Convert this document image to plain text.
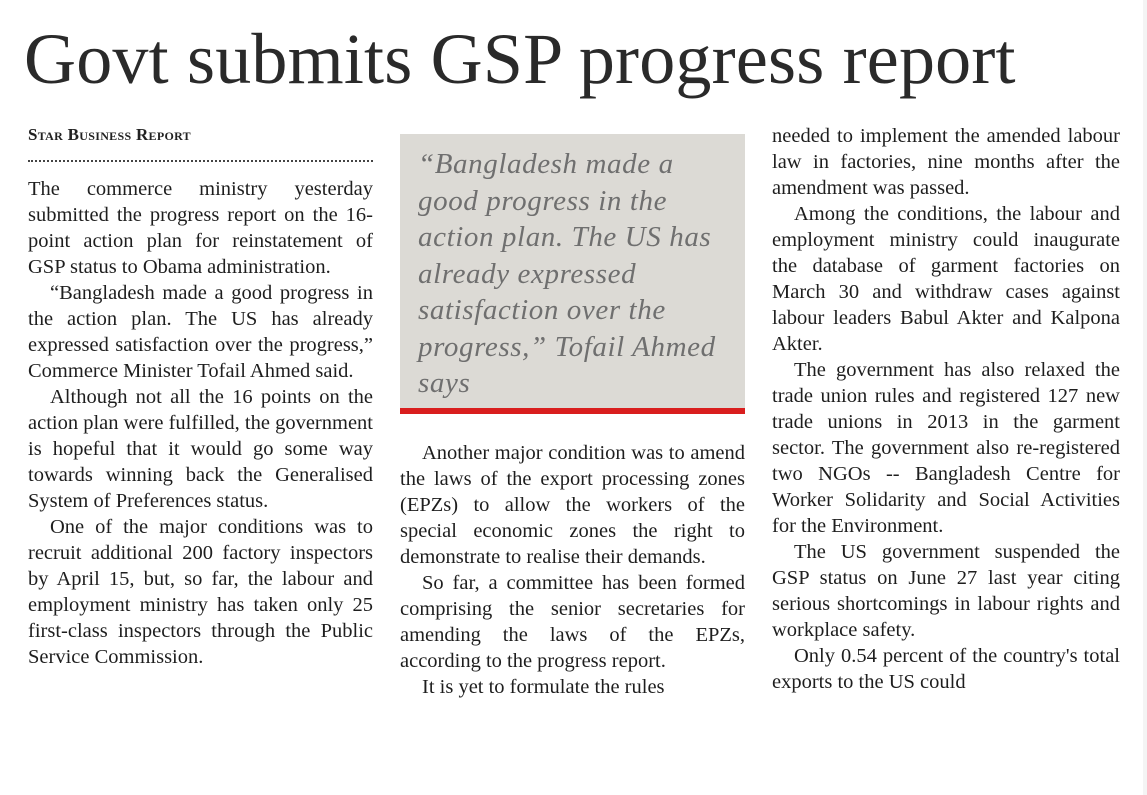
Govt submits GSP progress report
Star Business Report

The commerce ministry yesterday submitted the progress report on the 16-point action plan for reinstatement of GSP status to Obama administration.

“Bangladesh made a good progress in the action plan. The US has already expressed satisfaction over the progress,” Commerce Minister Tofail Ahmed said.

Although not all the 16 points on the action plan were fulfilled, the government is hopeful that it would go some way towards winning back the Generalised System of Preferences status.

One of the major conditions was to recruit additional 200 factory inspectors by April 15, but, so far, the labour and employment ministry has taken only 25 first-class inspectors through the Public Service Commission.

“Bangladesh made a good progress in the action plan. The US has already expressed satisfaction over the progress,” Tofail Ahmed says

Another major condition was to amend the laws of the export processing zones (EPZs) to allow the workers of the special economic zones the right to demonstrate to realise their demands.

So far, a committee has been formed comprising the senior secretaries for amending the laws of the EPZs, according to the progress report.

It is yet to formulate the rules

needed to implement the amended labour law in factories, nine months after the amendment was passed.

Among the conditions, the labour and employment ministry could inaugurate the database of garment factories on March 30 and withdraw cases against labour leaders Babul Akter and Kalpona Akter.

The government has also relaxed the trade union rules and registered 127 new trade unions in 2013 in the garment sector. The government also re-registered two NGOs -- Bangladesh Centre for Worker Solidarity and Social Activities for the Environment.

The US government suspended the GSP status on June 27 last year citing serious shortcomings in labour rights and workplace safety.

Only 0.54 percent of the country's total exports to the US could
